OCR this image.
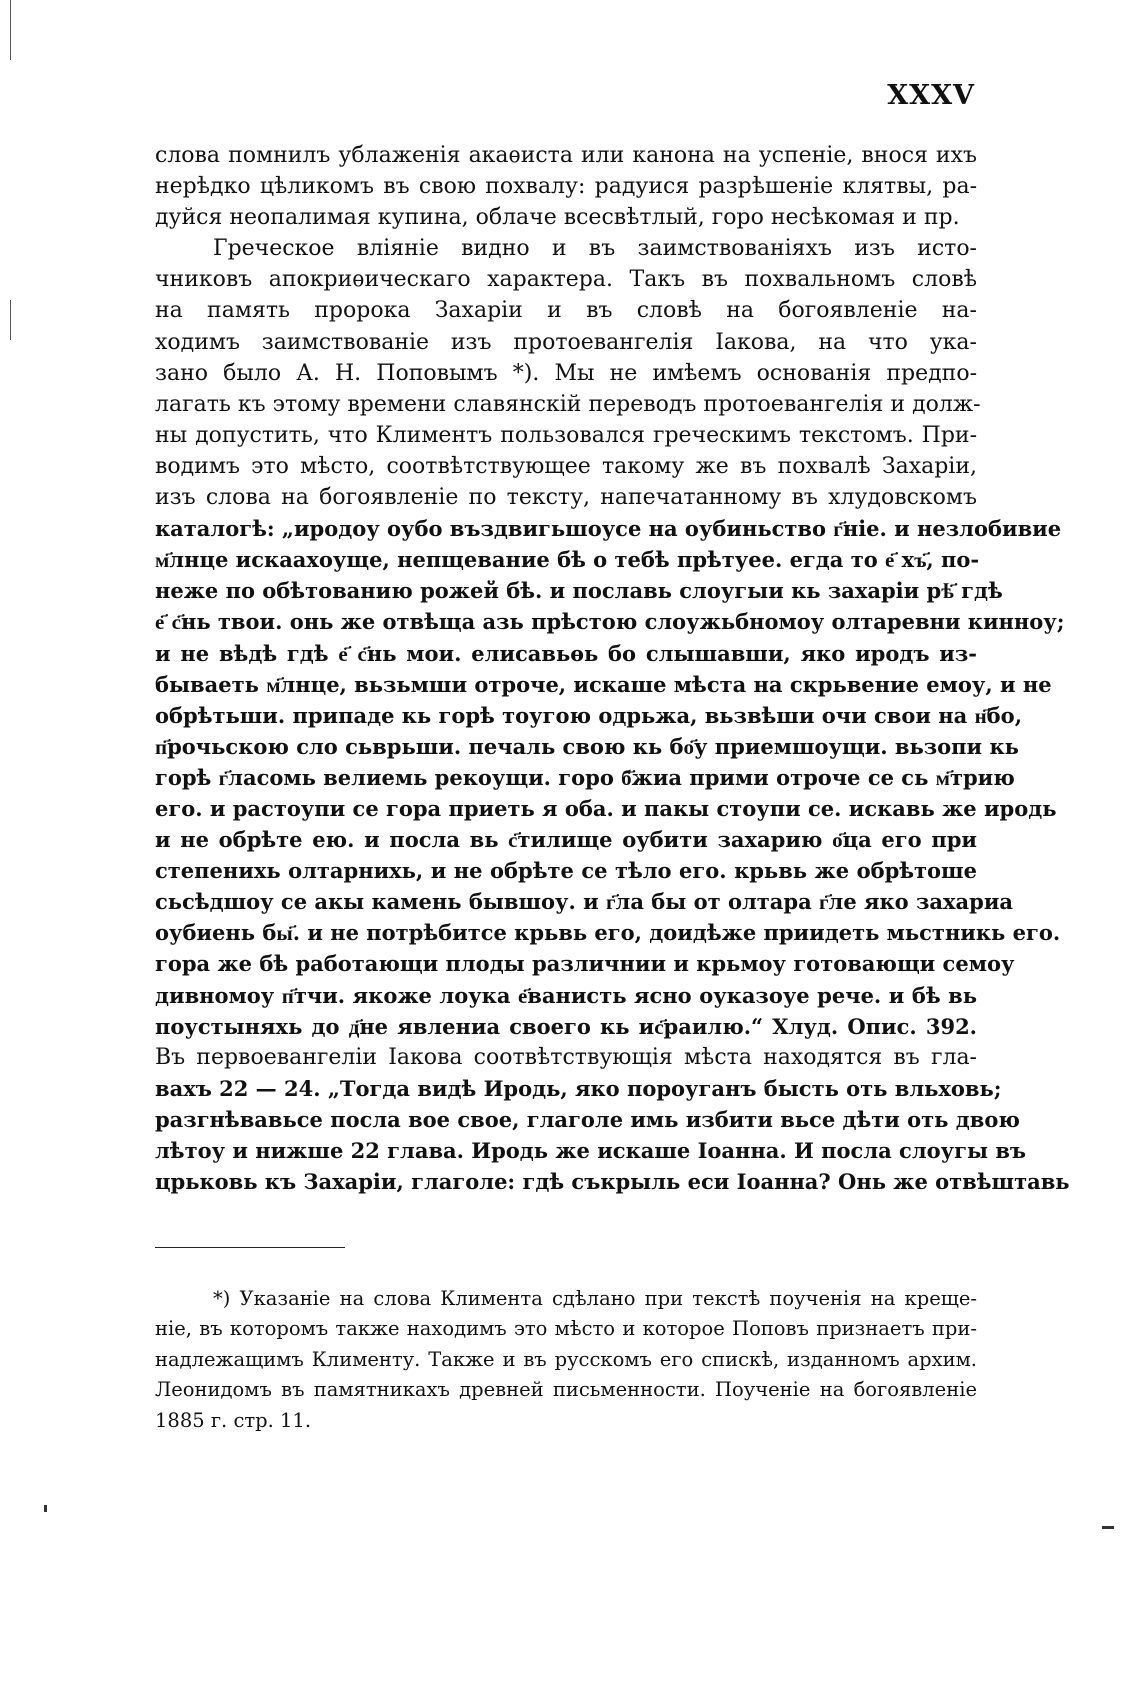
XXXV
слова помнилъ ублаженія акаѳиста или канона на успеніе, внося ихъ
нерѣдко цѣликомъ въ свою похвалу: радуися разрѣшеніе клятвы, ра-
дуйся неопалимая купина, облаче всесвѣтлый, горо несѣкомая и пр.
Греческое вліяніе видно и въ заимствованіяхъ изъ исто-
чниковъ апокриѳическаго характера. Такъ въ похвальномъ словѣ
на память пророка Захаріи и въ словѣ на богоявленіе на-
ходимъ заимствованіе изъ протоевангелія Іакова, на что ука-
зано было А. Н. Поповымъ *). Мы не имѣемъ основанія предпо-
лагать къ этому времени славянскій переводъ протоевангелія и долж-
ны допустить, что Климентъ пользовался греческимъ текстомъ. При-
водимъ это мѣсто, соотвѣтствующее такому же въ похвалѣ Захаріи,
изъ слова на богоявленіе по тексту, напечатанному въ хлудовскомъ
каталогѣ: „иродоу оубо въздвигьшоусе на оубиньство г҃ніе. и незлобивие
м҃лнце искаахоуще, непщевание бѣ о тебѣ прѣтуее. егда то е҃ хъ҃, по-
неже по обѣтованию рожей бѣ. и пославь слоугыи кь захаріи рѣ҃ гдѣ
е҃ с҃нь твои. онь же отвѣща азь прѣстою слоужьбномоу олтаревни кинноу;
и не вѣдѣ гдѣ е҃ с҃нь мои. елисавьѳь бо слышавши, яко иродъ из-
бываеть м҃лнце, вьзьмши отроче, искаше мѣста на скрьвение емоу, и не
обрѣтьши. припаде кь горѣ тоугою одрьжа, вьзвѣши очи свои на н҃бо,
п҃рочьскою сло сьврьши. печаль свою кь бо҃у приемшоущи. вьзопи кь
горѣ г҃ласомь велиемь рекоущи. горо б҃жиа прими отроче се сь м҃трию
его. и растоупи се гора приеть я оба. и пакы стоупи се. искавь же иродь
и не обрѣте ею. и посла вь с҃тилище оубити захарию о҃ца его при
степенихь олтарнихь, и не обрѣте се тѣло его. крьвь же обрѣтоше
сьсѣдшоу се акы камень бывшоу. и г҃ла бы от олтара г҃ле яко захариа
оубиень бы҃. и не потрѣбитсе крьвь его, доидѣже приидеть мьстникь его.
гора же бѣ работающи плоды различнии и крьмоу готовающи семоу
дивномоу п҃тчи. якоже лоука е҃ванисть ясно оуказоуе рече. и бѣ вь
поустыняхь до д҃не явлениа своего кь ис҃раилю.“ Хлуд. Опис. 392.
Въ первоевангеліи Іакова соотвѣтствующія мѣста находятся въ гла-
вахъ 22 — 24. „Тогда видѣ Иродь, яко пороуганъ бысть оть вльховь;
разгнѣвавьсе посла вое свое, глаголе имь избити вьсе дѣти оть двою
лѣтоу и нижше 22 глава. Иродь же искаше Іоанна. И посла слоугы въ
црьковь къ Захаріи, глаголе: гдѣ съкрыль еси Іоанна? Онь же отвѣштавь
*) Указаніе на слова Климента сдѣлано при текстѣ поученія на креще-
ніе, въ которомъ также находимъ это мѣсто и которое Поповъ признаетъ при-
надлежащимъ Клименту. Также и въ русскомъ его спискѣ, изданномъ архим.
Леонидомъ въ памятникахъ древней письменности. Поученіе на богоявленіе
1885 г. стр. 11.
